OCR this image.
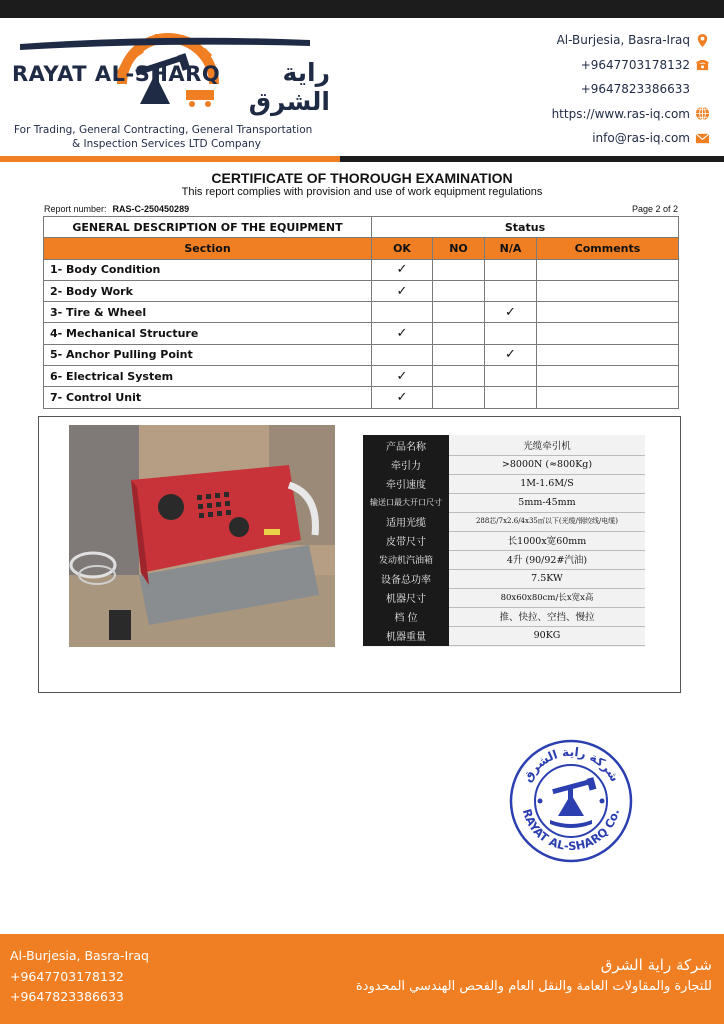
RAYAT AL-SHARQ	راية الشرق
For Trading, General Contracting, General Transportation
& Inspection Services LTD Company
Al-Burjesia, Basra-Iraq
+9647703178132
+9647823386633
https://www.ras-iq.com
info@ras-iq.com
CERTIFICATE OF THOROUGH EXAMINATION
This report complies with provision and use of work equipment regulations
Report number: RAS-C-250450289	Page 2 of 2
GENERAL DESCRIPTION OF THE EQUIPMENT	Status			
Section	OK	NO	N/A	Comments
1- Body Condition	✓			
2- Body Work	✓			
3- Tire & Wheel			✓	
4- Mechanical Structure	✓			
5- Anchor Pulling Point			✓	
6- Electrical System	✓			
7- Control Unit	✓			
产品名称	光缆牵引机
牵引力	>8000N (≈800Kg)
牵引速度	1M-1.6M/S
输送口最大开口尺寸	5mm-45mm
适用光缆	288芯/7x2.6/4x35㎡以下(光缆/钢绞线/电缆)
皮带尺寸	长1000x宽60mm
发动机汽油箱	4升 (90/92#汽油)
设备总功率	7.5KW
机器尺寸	80x60x80cm/长x宽x高
档 位	推、快拉、空挡、慢拉
机器重量	90KG
شركة راية الشرق
RAYAT AL-SHARQ Co.
Al-Burjesia, Basra-Iraq
+9647703178132
+9647823386633
شركة راية الشرق
للتجارة والمقاولات العامة والنقل العام والفحص الهندسي المحدودة
